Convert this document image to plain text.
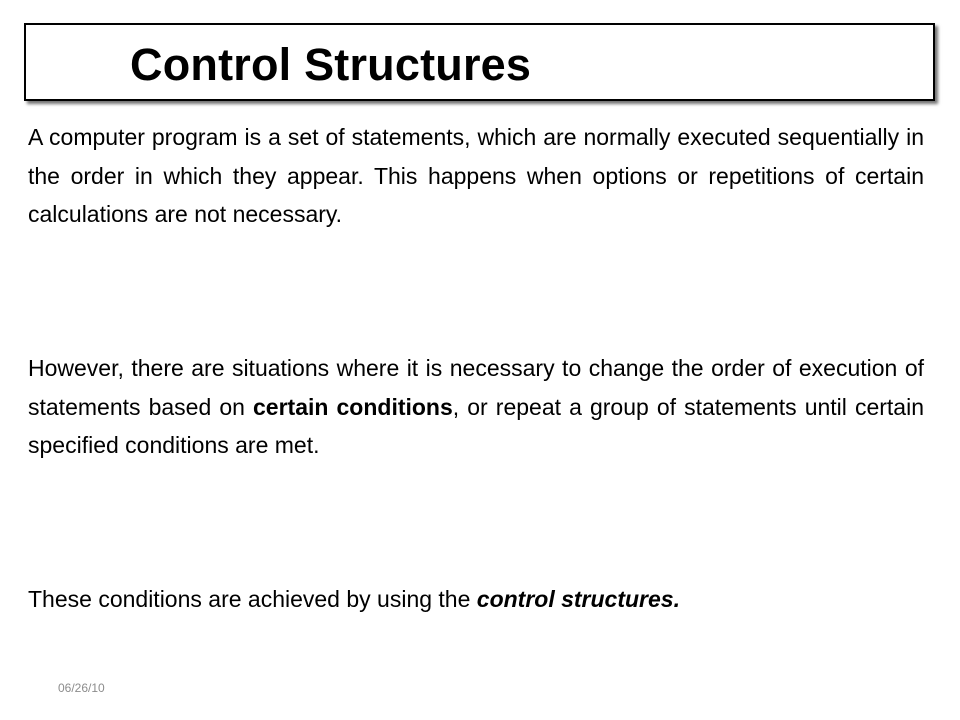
Control Structures

A computer program is a set of statements, which are normally executed sequentially in the order in which they appear. This happens when options or repetitions of certain calculations are not necessary.

However, there are situations where it is necessary to change the order of execution of statements based on certain conditions, or repeat a group of statements until certain specified conditions are met.

These conditions are achieved by using the control structures.

06/26/10
